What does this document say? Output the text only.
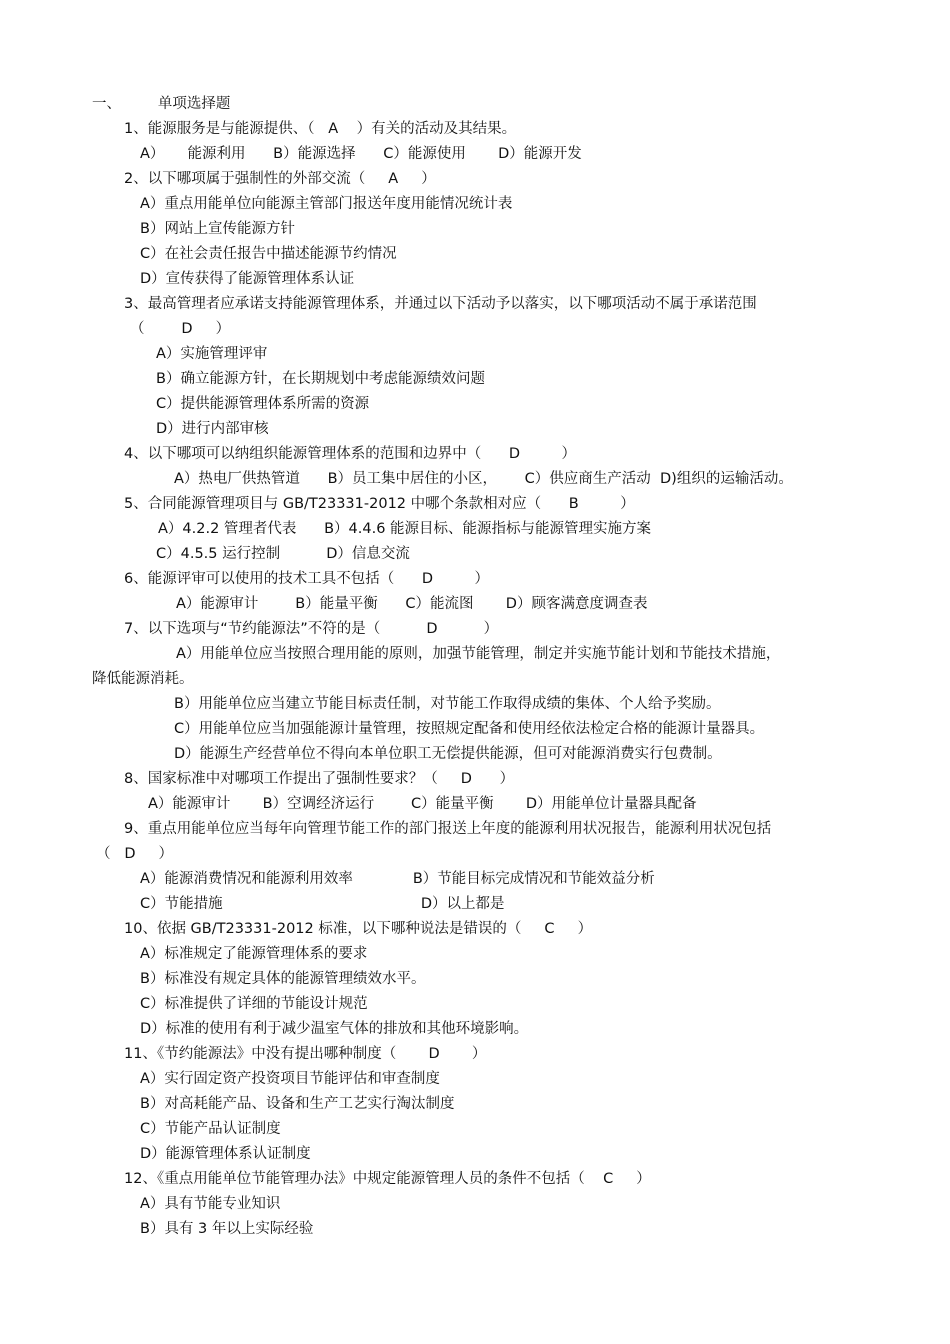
一、        单项选择题
1、能源服务是与能源提供、（   A    ）有关的活动及其结果。
A）     能源利用      B）能源选择      C）能源使用       D）能源开发
2、以下哪项属于强制性的外部交流（     A     ）
A）重点用能单位向能源主管部门报送年度用能情况统计表
B）网站上宣传能源方针
C）在社会责任报告中描述能源节约情况
D）宣传获得了能源管理体系认证
3、最高管理者应承诺支持能源管理体系，并通过以下活动予以落实，以下哪项活动不属于承诺范围
（        D     ）
A）实施管理评审
B）确立能源方针，在长期规划中考虑能源绩效问题
C）提供能源管理体系所需的资源
D）进行内部审核
4、以下哪项可以纳组织能源管理体系的范围和边界中（      D         ）
A）热电厂供热管道      B）员工集中居住的小区，      C）供应商生产活动  D)组织的运输活动。
5、合同能源管理项目与 GB/T23331-2012 中哪个条款相对应（      B         ）
A）4.2.2 管理者代表      B）4.4.6 能源目标、能源指标与能源管理实施方案
C）4.5.5 运行控制          D）信息交流
6、能源评审可以使用的技术工具不包括（      D         ）
A）能源审计        B）能量平衡      C）能流图       D）顾客满意度调查表
7、以下选项与“节约能源法”不符的是（          D          ）
A）用能单位应当按照合理用能的原则，加强节能管理，制定并实施节能计划和节能技术措施，
降低能源消耗。
B）用能单位应当建立节能目标责任制，对节能工作取得成绩的集体、个人给予奖励。
C）用能单位应当加强能源计量管理，按照规定配备和使用经依法检定合格的能源计量器具。
D）能源生产经营单位不得向本单位职工无偿提供能源，但可对能源消费实行包费制。
8、国家标准中对哪项工作提出了强制性要求？（     D      ）
A）能源审计       B）空调经济运行        C）能量平衡       D）用能单位计量器具配备
9、重点用能单位应当每年向管理节能工作的部门报送上年度的能源利用状况报告，能源利用状况包括
（   D     ）
A）能源消费情况和能源利用效率             B）节能目标完成情况和节能效益分析
C）节能措施                                           D）以上都是
10、依据 GB/T23331-2012 标准，以下哪种说法是错误的（     C     ）
A）标准规定了能源管理体系的要求
B）标准没有规定具体的能源管理绩效水平。
C）标准提供了详细的节能设计规范
D）标准的使用有利于减少温室气体的排放和其他环境影响。
11、《节约能源法》中没有提出哪种制度（       D       ）
A）实行固定资产投资项目节能评估和审查制度
B）对高耗能产品、设备和生产工艺实行淘汰制度
C）节能产品认证制度
D）能源管理体系认证制度
12、《重点用能单位节能管理办法》中规定能源管理人员的条件不包括（    C     ）
A）具有节能专业知识
B）具有 3 年以上实际经验
